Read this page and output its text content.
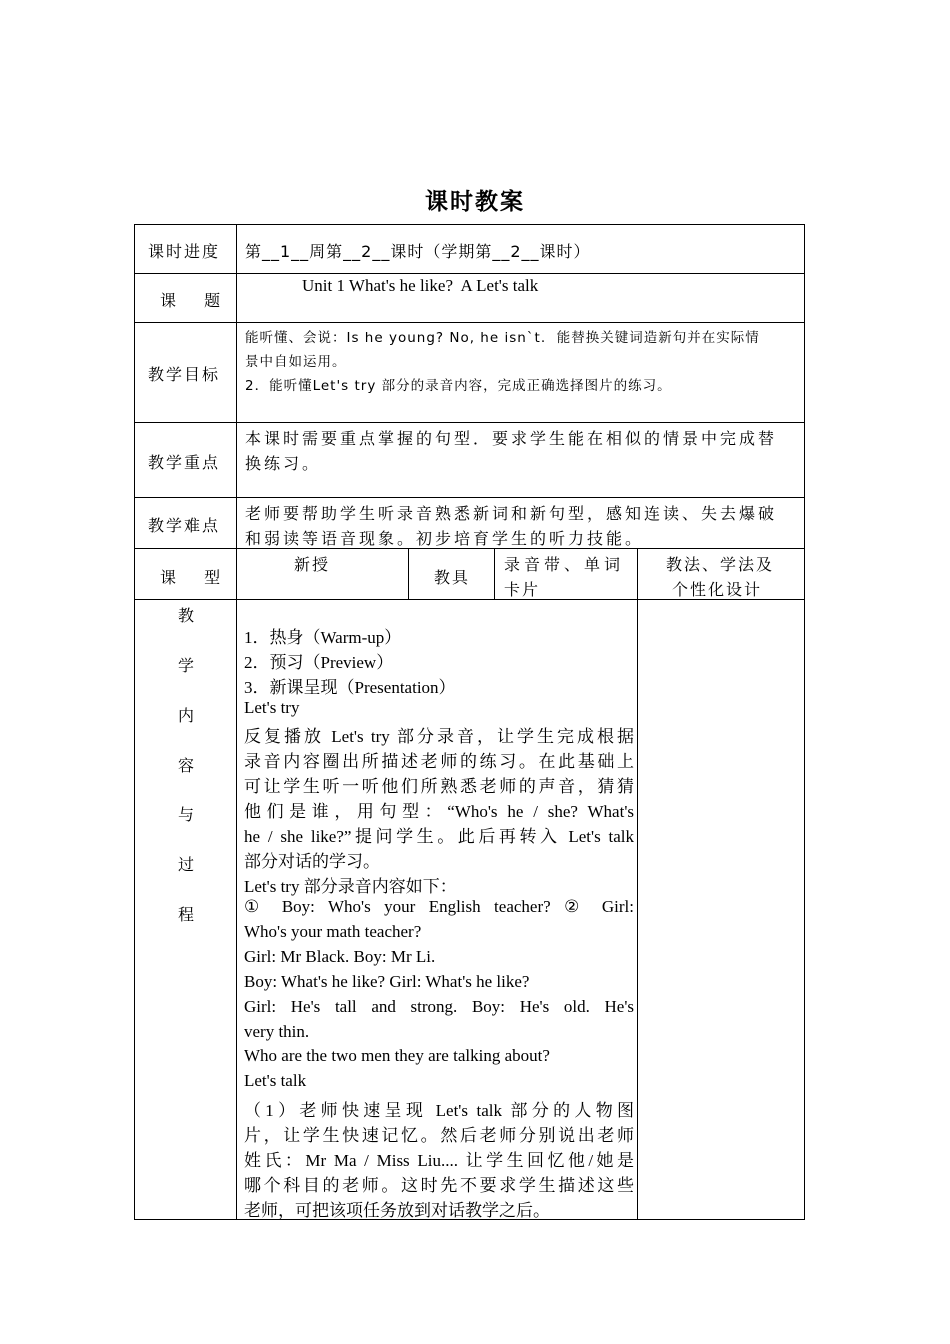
课时教案
课时进度 第__1__周第__2__课时（学期第__2__课时）
课  题
Unit 1 What's he like?  A Let's talk
教学目标
能听懂、会说：Is he young? No, he isn`t.  能替换关键词造新句并在实际情
景中自如运用。
2．能听懂Let's try 部分的录音内容，完成正确选择图片的练习。
教学重点
本课时需要重点掌握的句型．要求学生能在相似的情景中完成替
换练习。
教学难点
老师要帮助学生听录音熟悉新词和新句型，感知连读、失去爆破
和弱读等语音现象。初步培育学生的听力技能。
课  型
新授
教具
录音带、单词
卡片
教法、学法及
个性化设计
教
学
内
容
与
过
程
1．热身（Warm-up）
2．预习（Preview）
3．新课呈现（Presentation）
Let's try
反复播放 Let's try 部分录音，让学生完成根据
录音内容圈出所描述老师的练习。在此基础上
可让学生听一听他们所熟悉老师的声音，猜猜
他们是谁，用句型：“Who's he / she? What's
he / she like?”提问学生。此后再转入 Let's talk
部分对话的学习。
Let's try 部分录音内容如下：
① Boy: Who's your English teacher? ② Girl:
Who's your math teacher?
Girl: Mr Black. Boy: Mr Li.
Boy: What's he like? Girl: What's he like?
Girl: He's tall and strong. Boy: He's old. He's
very thin.
Who are the two men they are talking about?
Let's talk
（1）老师快速呈现 Let's talk 部分的人物图
片，让学生快速记忆。然后老师分别说出老师
姓氏：Mr Ma / Miss Liu.... 让学生回忆他/她是
哪个科目的老师。这时先不要求学生描述这些
老师，可把该项任务放到对话教学之后。
